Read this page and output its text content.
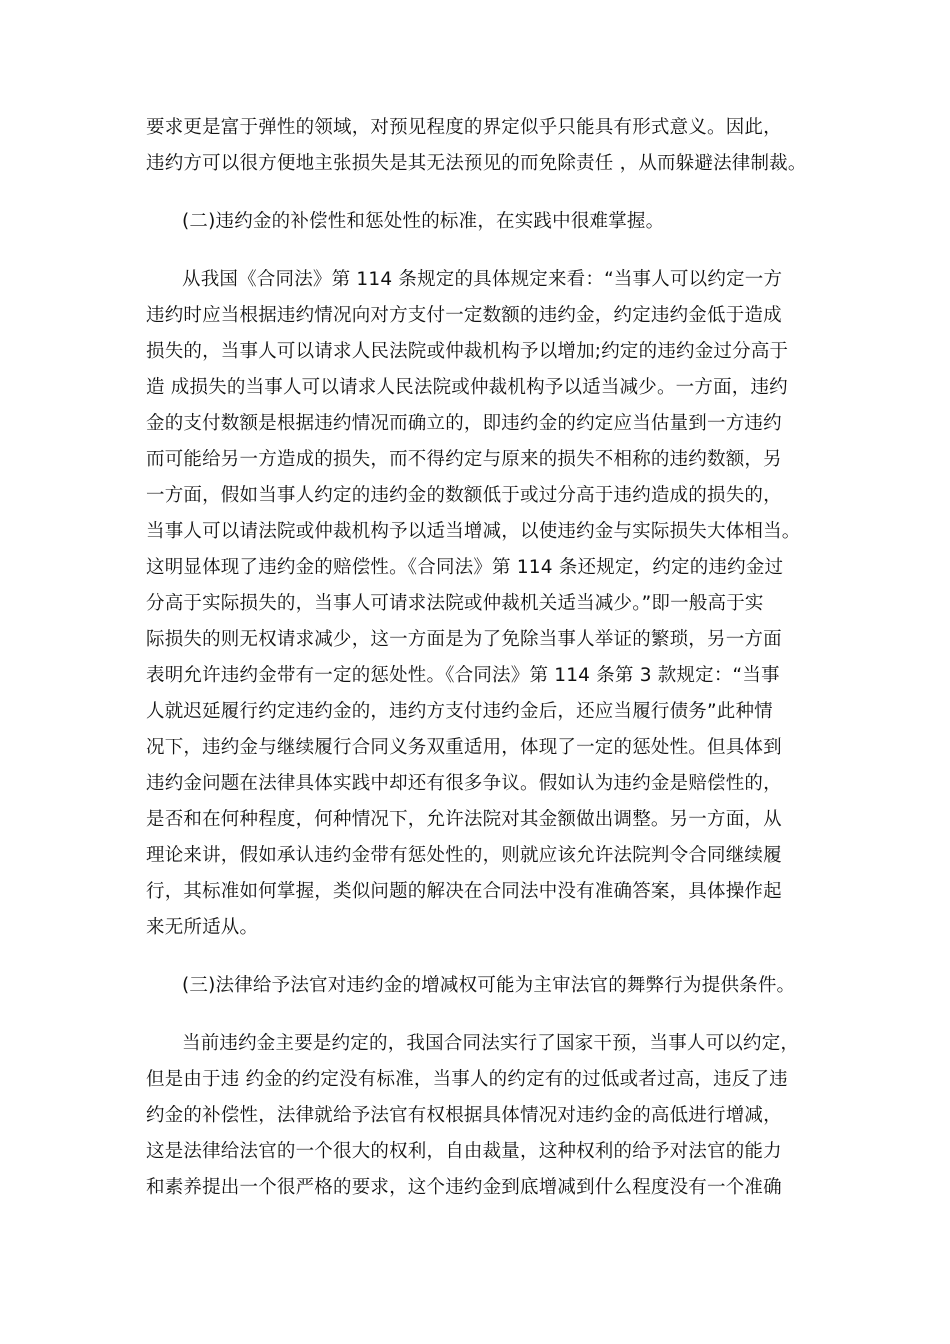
要求更是富于弹性的领域，对预见程度的界定似乎只能具有形式意义。因此，
违约方可以很方便地主张损失是其无法预见的而免除责任 ，从而躲避法律制裁。
(二)违约金的补偿性和惩处性的标准，在实践中很难掌握。
从我国《合同法》第 114 条规定的具体规定来看：“当事人可以约定一方
违约时应当根据违约情况向对方支付一定数额的违约金，约定违约金低于造成
损失的，当事人可以请求人民法院或仲裁机构予以增加;约定的违约金过分高于
造 成损失的当事人可以请求人民法院或仲裁机构予以适当减少。一方面，违约
金的支付数额是根据违约情况而确立的，即违约金的约定应当估量到一方违约
而可能给另一方造成的损失，而不得约定与原来的损失不相称的违约数额，另
一方面，假如当事人约定的违约金的数额低于或过分高于违约造成的损失的，
当事人可以请法院或仲裁机构予以适当增减，以使违约金与实际损失大体相当。
这明显体现了违约金的赔偿性。《合同法》第 114 条还规定，约定的违约金过
分高于实际损失的，当事人可请求法院或仲裁机关适当减少。”即一般高于实
际损失的则无权请求减少，这一方面是为了免除当事人举证的繁琐，另一方面
表明允许违约金带有一定的惩处性。《合同法》第 114 条第 3 款规定：“当事
人就迟延履行约定违约金的，违约方支付违约金后，还应当履行债务”此种情
况下，违约金与继续履行合同义务双重适用，体现了一定的惩处性。但具体到
违约金问题在法律具体实践中却还有很多争议。假如认为违约金是赔偿性的，
是否和在何种程度，何种情况下，允许法院对其金额做出调整。另一方面，从
理论来讲，假如承认违约金带有惩处性的，则就应该允许法院判令合同继续履
行，其标准如何掌握，类似问题的解决在合同法中没有准确答案，具体操作起
来无所适从。
(三)法律给予法官对违约金的增减权可能为主审法官的舞弊行为提供条件。
当前违约金主要是约定的，我国合同法实行了国家干预，当事人可以约定，
但是由于违 约金的约定没有标准，当事人的约定有的过低或者过高，违反了违
约金的补偿性，法律就给予法官有权根据具体情况对违约金的高低进行增减，
这是法律给法官的一个很大的权利，自由裁量，这种权利的给予对法官的能力
和素养提出一个很严格的要求，这个违约金到底增减到什么程度没有一个准确
